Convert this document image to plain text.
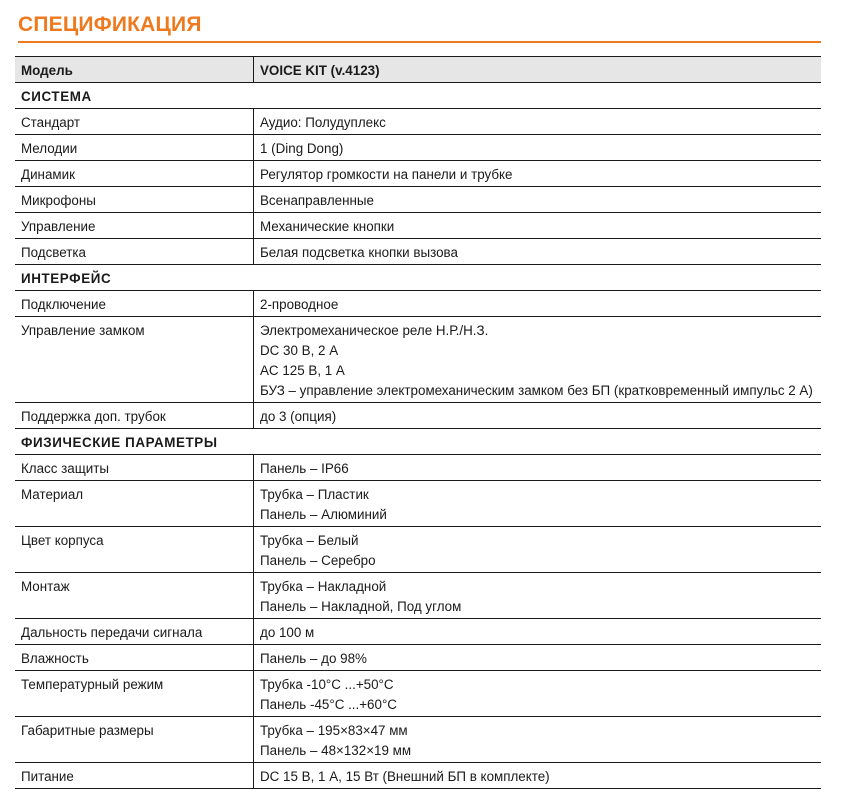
СПЕЦИФИКАЦИЯ
Модель	VOICE KIT (v.4123)

СИСТЕМА	

Стандарт	Аудио: Полудуплекс

Мелодии	1 (Ding Dong)

Динамик	Регулятор громкости на панели и трубке

Микрофоны	Всенаправленные

Управление	Механические кнопки

Подсветка	Белая подсветка кнопки вызова

ИНТЕРФЕЙС	

Подключение	2-проводное

Управление замком	Электромеханическое реле Н.Р./Н.З.
DC 30 В, 2 А
AC 125 В, 1 А
БУЗ – управление электромеханическим замком без БП (кратковременный импульс 2 А)

Поддержка доп. трубок	до 3 (опция)

ФИЗИЧЕСКИЕ ПАРАМЕТРЫ	

Класс защиты	Панель – IP66

Материал	Трубка – Пластик
Панель – Алюминий

Цвет корпуса	Трубка – Белый
Панель – Серебро

Монтаж	Трубка – Накладной
Панель – Накладной, Под углом

Дальность передачи сигнала	до 100 м

Влажность	Панель – до 98%

Температурный режим	Трубка -10°C ...+50°C
Панель -45°C ...+60°C

Габаритные размеры	Трубка – 195×83×47 мм
Панель – 48×132×19 мм

Питание	DC 15 В, 1 А, 15 Вт (Внешний БП в комплекте)
